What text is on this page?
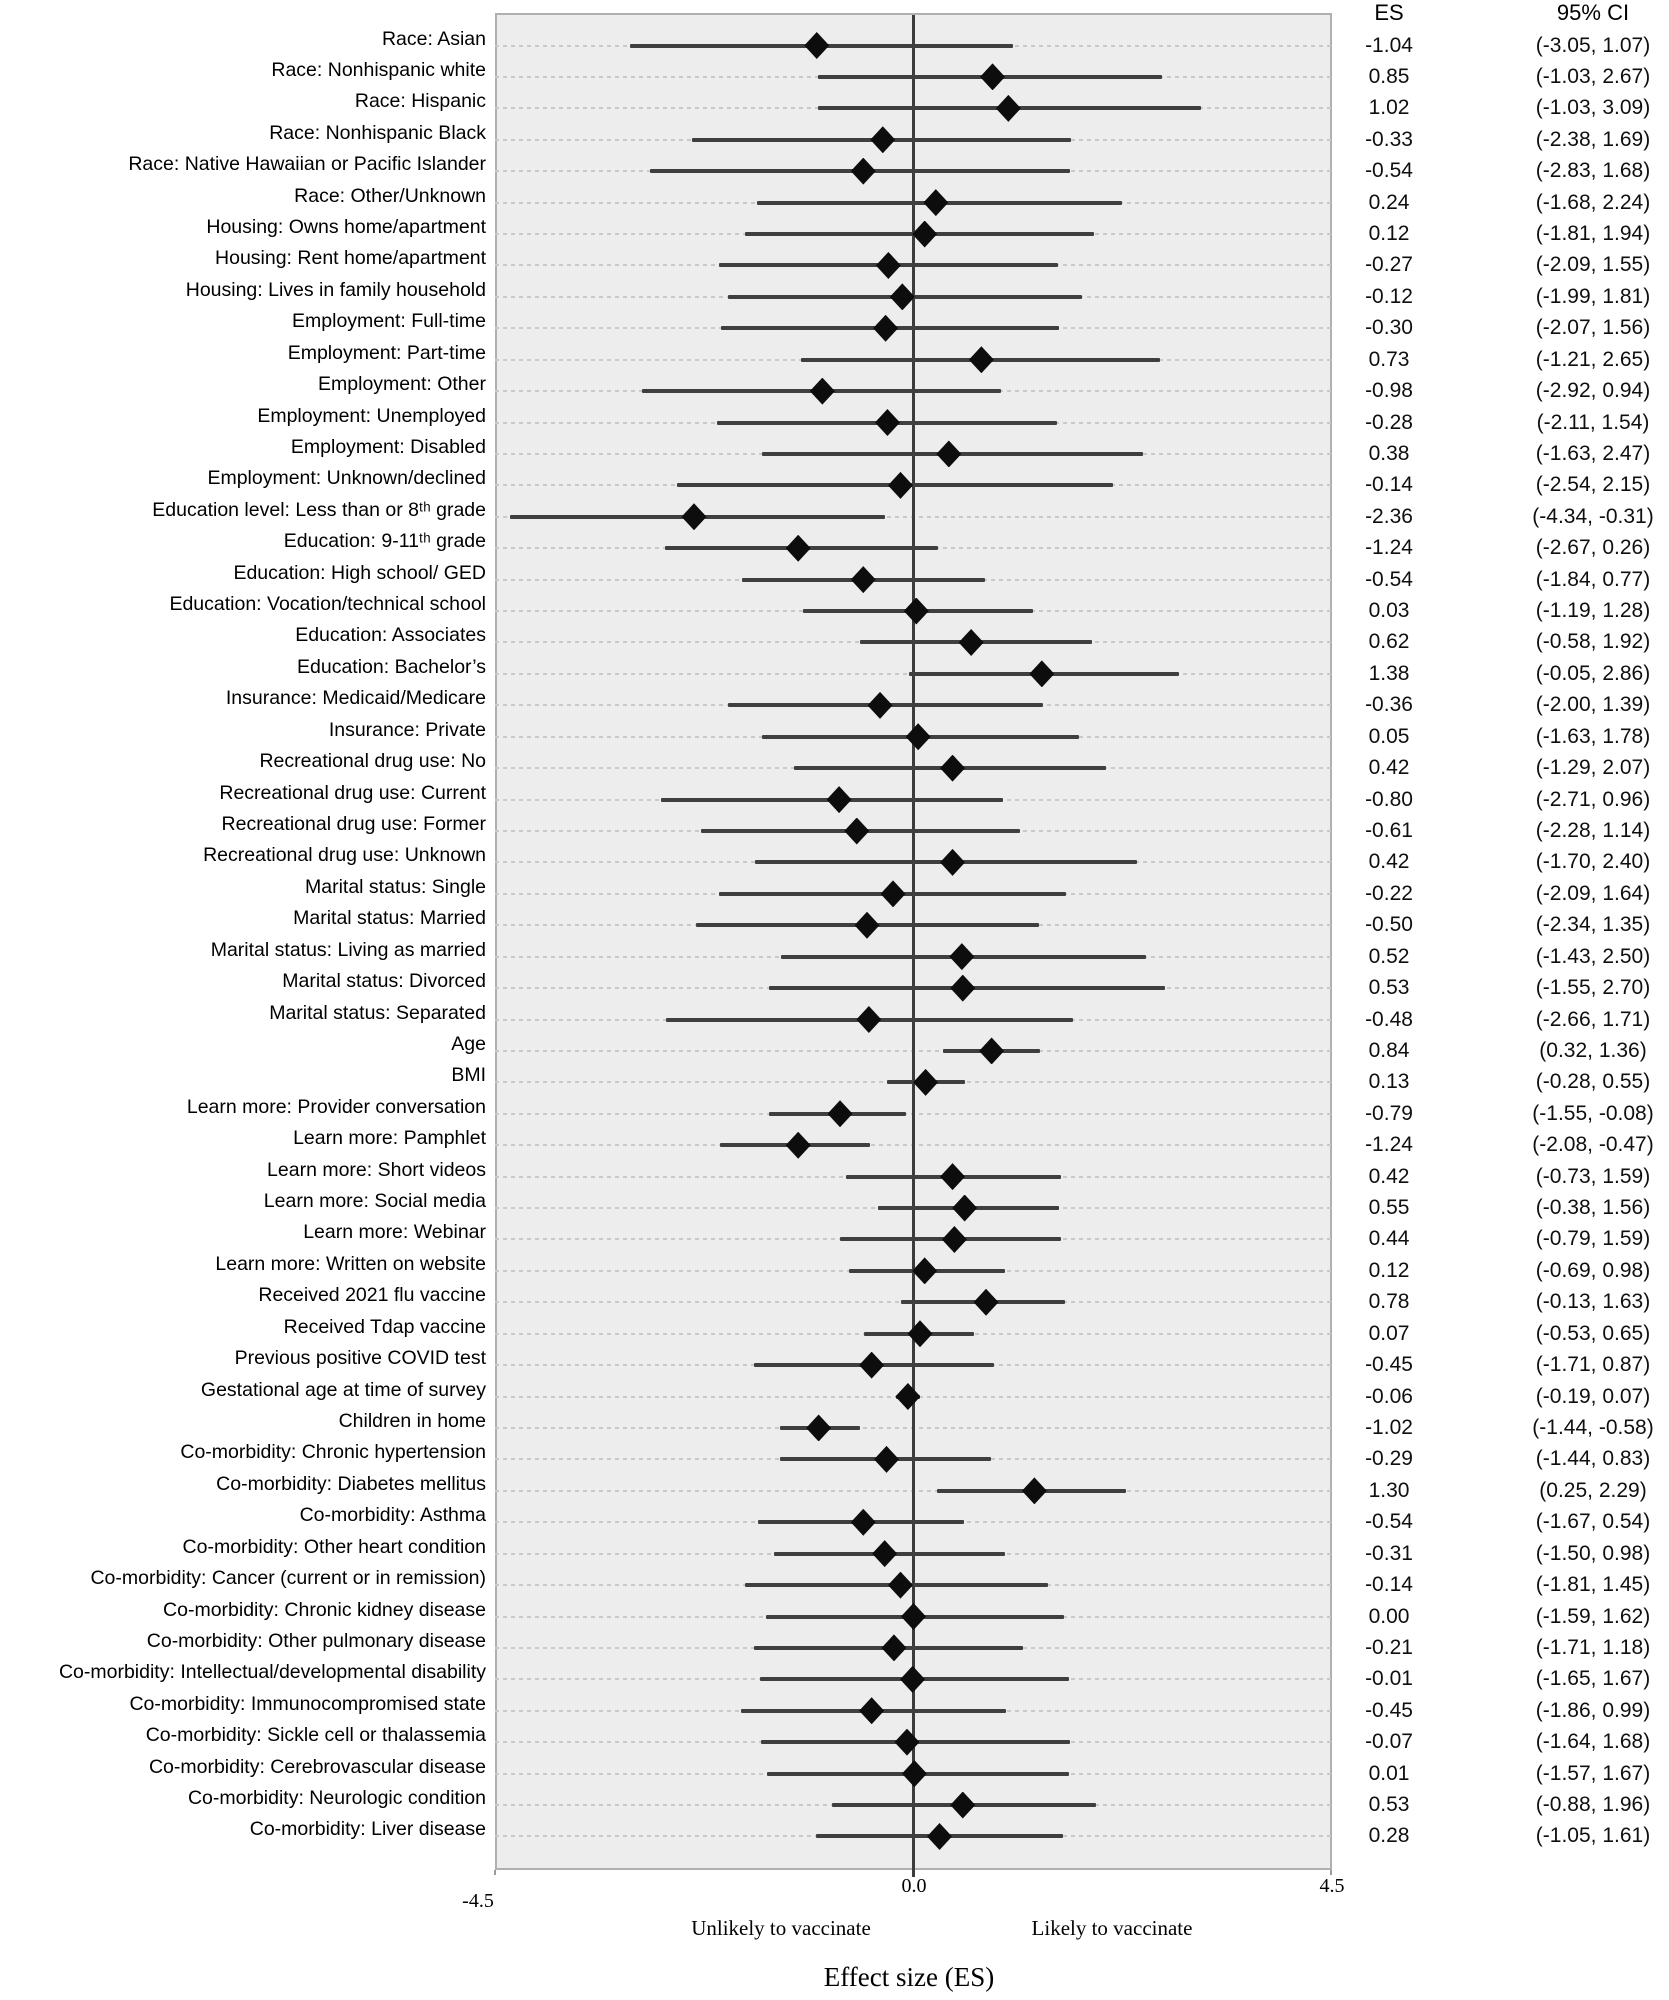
ES	95% CI
Race: Asian	-1.04	(-3.05, 1.07)
Race: Nonhispanic white	0.85	(-1.03, 2.67)
Race: Hispanic	1.02	(-1.03, 3.09)
Race: Nonhispanic Black	-0.33	(-2.38, 1.69)
Race: Native Hawaiian or Pacific Islander	-0.54	(-2.83, 1.68)
Race: Other/Unknown	0.24	(-1.68, 2.24)
Housing: Owns home/apartment	0.12	(-1.81, 1.94)
Housing: Rent home/apartment	-0.27	(-2.09, 1.55)
Housing: Lives in family household	-0.12	(-1.99, 1.81)
Employment: Full-time	-0.30	(-2.07, 1.56)
Employment: Part-time	0.73	(-1.21, 2.65)
Employment: Other	-0.98	(-2.92, 0.94)
Employment: Unemployed	-0.28	(-2.11, 1.54)
Employment: Disabled	0.38	(-1.63, 2.47)
Employment: Unknown/declined	-0.14	(-2.54, 2.15)
Education level: Less than or 8ᵗʰ grade	-2.36	(-4.34, -0.31)
Education: 9-11ᵗʰ grade	-1.24	(-2.67, 0.26)
Education: High school/ GED	-0.54	(-1.84, 0.77)
Education: Vocation/technical school	0.03	(-1.19, 1.28)
Education: Associates	0.62	(-0.58, 1.92)
Education: Bachelor’s	1.38	(-0.05, 2.86)
Insurance: Medicaid/Medicare	-0.36	(-2.00, 1.39)
Insurance: Private	0.05	(-1.63, 1.78)
Recreational drug use: No	0.42	(-1.29, 2.07)
Recreational drug use: Current	-0.80	(-2.71, 0.96)
Recreational drug use: Former	-0.61	(-2.28, 1.14)
Recreational drug use: Unknown	0.42	(-1.70, 2.40)
Marital status: Single	-0.22	(-2.09, 1.64)
Marital status: Married	-0.50	(-2.34, 1.35)
Marital status: Living as married	0.52	(-1.43, 2.50)
Marital status: Divorced	0.53	(-1.55, 2.70)
Marital status: Separated	-0.48	(-2.66, 1.71)
Age	0.84	(0.32, 1.36)
BMI	0.13	(-0.28, 0.55)
Learn more: Provider conversation	-0.79	(-1.55, -0.08)
Learn more: Pamphlet	-1.24	(-2.08, -0.47)
Learn more: Short videos	0.42	(-0.73, 1.59)
Learn more: Social media	0.55	(-0.38, 1.56)
Learn more: Webinar	0.44	(-0.79, 1.59)
Learn more: Written on website	0.12	(-0.69, 0.98)
Received 2021 flu vaccine	0.78	(-0.13, 1.63)
Received Tdap vaccine	0.07	(-0.53, 0.65)
Previous positive COVID test	-0.45	(-1.71, 0.87)
Gestational age at time of survey	-0.06	(-0.19, 0.07)
Children in home	-1.02	(-1.44, -0.58)
Co-morbidity: Chronic hypertension	-0.29	(-1.44, 0.83)
Co-morbidity: Diabetes mellitus	1.30	(0.25, 2.29)
Co-morbidity: Asthma	-0.54	(-1.67, 0.54)
Co-morbidity: Other heart condition	-0.31	(-1.50, 0.98)
Co-morbidity: Cancer (current or in remission)	-0.14	(-1.81, 1.45)
Co-morbidity: Chronic kidney disease	0.00	(-1.59, 1.62)
Co-morbidity: Other pulmonary disease	-0.21	(-1.71, 1.18)
Co-morbidity: Intellectual/developmental disability	-0.01	(-1.65, 1.67)
Co-morbidity: Immunocompromised state	-0.45	(-1.86, 0.99)
Co-morbidity: Sickle cell or thalassemia	-0.07	(-1.64, 1.68)
Co-morbidity: Cerebrovascular disease	0.01	(-1.57, 1.67)
Co-morbidity: Neurologic condition	0.53	(-0.88, 1.96)
Co-morbidity: Liver disease	0.28	(-1.05, 1.61)
-4.5
0.0	4.5
Unlikely to vaccinate	Likely to vaccinate
Effect size (ES)
